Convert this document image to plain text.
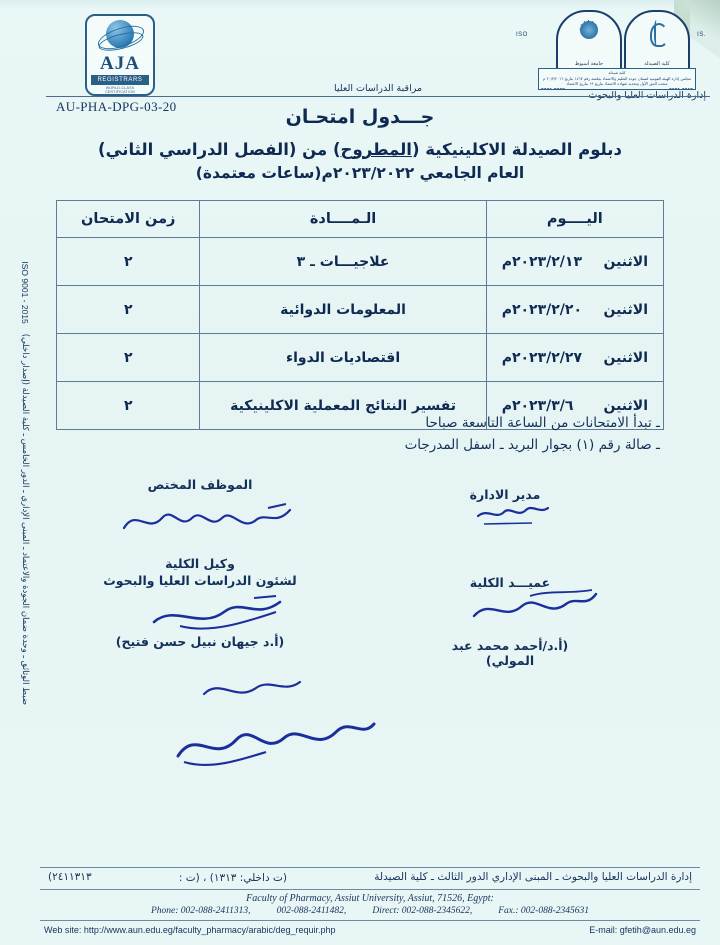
AJA
REGISTRARS
WORLD-CLASS CERTIFICATION
ISO	IS.
جامعة أسيوط	كلية الصيدلة
كلية صيدلة
مجلس إدارة الهيئة القومية لضمان جودة التعليم والاعتماد بجلسة رقم ١٤٦٧ بتاريخ ٢٠/٣/٢٠١٦ م منحت الدور الأول وتجديد شهادة الاعتماد بتاريخ ١٩ بتاريخ الاعتماد
إدارة الدراسات العليا والبحوث
مراقبة الدراسات العليا
AU-PHA-DPG-03-20	جـــدول امتحـان
دبلوم الصيدلة الاكلينيكية (المطروح) من (الفصل الدراسي الثاني)
العام الجامعي ٢٠٢٣/٢٠٢٢م(ساعات معتمدة)
اليــــوم	الـمــــادة	زمن الامتحان

الاثنين
٢٠٢٣/٢/١٣م	علاجيـــات ـ ٣	٢

الاثنين
٢٠٢٣/٢/٢٠م	المعلومات الدوائية	٢

الاثنين
٢٠٢٣/٢/٢٧م	اقتصاديات الدواء	٢

الاثنين
٢٠٢٣/٣/٦م	تفسير النتائج المعملية الاكلينيكية	٢
ـ تبدأ الامتحانات من الساعة التاسعة صباحا
ـ صالة رقم (١) بجوار البريد ـ اسفل المدرجات
الموظف المختص
مدير الادارة
وكيل الكلية
لشئون الدراسات العليا والبحوث
(أ.د جيهان نبيل حسن فتيح)
عميـــد الكلية
(أ.د/أحمد محمد عبد المولي)
ضبط الوثائق ـ وحدة ضمان الجودة والاعتماد ـ المبنى الإداري ـ الدور الخامس ـ كلية الصيدلة (إصدار داخلي)
ISO 9001 - 2015
إدارة الدراسات العليا والبحوث ـ المبنى الإداري الدور الثالث ـ كلية الصيدلة
(ت داخلي: ١٣١٣) ، (ت :
٢٤١١٣١٣)
Faculty of Pharmacy, Assiut University, Assiut, 71526, Egypt:
Phone: 002-088-2411313,	002-088-2411482,	Direct: 002-088-2345622,	Fax.: 002-088-2345631
Web site: http://www.aun.edu.eg/faculty_pharmacy/arabic/deg_requir.php	E-mail: gfetih@aun.edu.eg
